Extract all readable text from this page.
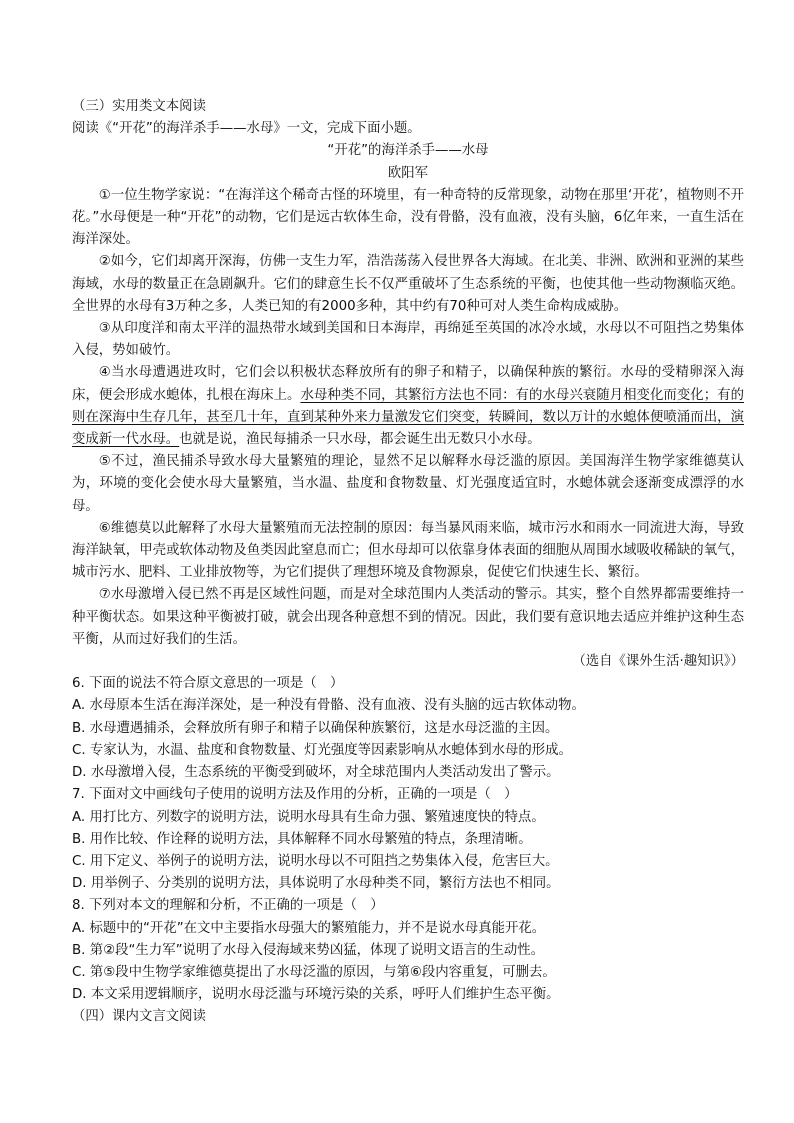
（三）实用类文本阅读

阅读《“开花”的海洋杀手——水母》一文，完成下面小题。

“开花”的海洋杀手——水母

欧阳军

①一位生物学家说：“在海洋这个稀奇古怪的环境里，有一种奇特的反常现象，动物在那里‘开花’，植物则不开花。”水母便是一种“开花”的动物，它们是远古软体生命，没有骨骼，没有血液，没有头脑，6亿年来，一直生活在海洋深处。

②如今，它们却离开深海，仿佛一支生力军，浩浩荡荡入侵世界各大海域。在北美、非洲、欧洲和亚洲的某些海域，水母的数量正在急剧飙升。它们的肆意生长不仅严重破坏了生态系统的平衡，也使其他一些动物濒临灭绝。全世界的水母有3万种之多，人类已知的有2000多种，其中约有70种可对人类生命构成威胁。

③从印度洋和南太平洋的温热带水域到美国和日本海岸，再绵延至英国的冰冷水域，水母以不可阻挡之势集体入侵，势如破竹。

④当水母遭遇进攻时，它们会以积极状态释放所有的卵子和精子，以确保种族的繁衍。水母的受精卵深入海床，便会形成水螅体，扎根在海床上。水母种类不同，其繁衍方法也不同：有的水母兴衰随月相变化而变化；有的则在深海中生存几年，甚至几十年，直到某种外来力量激发它们突变，转瞬间，数以万计的水螅体便喷涌而出，演变成新一代水母。也就是说，渔民每捕杀一只水母，都会诞生出无数只小水母。

⑤不过，渔民捕杀导致水母大量繁殖的理论，显然不足以解释水母泛滥的原因。美国海洋生物学家维德莫认为，环境的变化会使水母大量繁殖，当水温、盐度和食物数量、灯光强度适宜时，水螅体就会逐渐变成漂浮的水母。

⑥维德莫以此解释了水母大量繁殖而无法控制的原因：每当暴风雨来临，城市污水和雨水一同流进大海，导致海洋缺氧，甲壳或软体动物及鱼类因此窒息而亡；但水母却可以依靠身体表面的细胞从周围水域吸收稀缺的氧气，城市污水、肥料、工业排放物等，为它们提供了理想环境及食物源泉，促使它们快速生长、繁衍。

⑦水母激增入侵已然不再是区域性问题，而是对全球范围内人类活动的警示。其实，整个自然界都需要维持一种平衡状态。如果这种平衡被打破，就会出现各种意想不到的情况。因此，我们要有意识地去适应并维护这种生态平衡，从而过好我们的生活。

（选自《课外生活·趣知识》）

6. 下面的说法不符合原文意思的一项是（　）

A. 水母原本生活在海洋深处，是一种没有骨骼、没有血液、没有头脑的远古软体动物。

B. 水母遭遇捕杀，会释放所有卵子和精子以确保种族繁衍，这是水母泛滥的主因。

C. 专家认为，水温、盐度和食物数量、灯光强度等因素影响从水螅体到水母的形成。

D. 水母激增入侵，生态系统的平衡受到破坏，对全球范围内人类活动发出了警示。

7. 下面对文中画线句子使用的说明方法及作用的分析，正确的一项是（　）

A. 用打比方、列数字的说明方法，说明水母具有生命力强、繁殖速度快的特点。

B. 用作比较、作诠释的说明方法，具体解释不同水母繁殖的特点，条理清晰。

C. 用下定义、举例子的说明方法，说明水母以不可阻挡之势集体入侵，危害巨大。

D. 用举例子、分类别的说明方法，具体说明了水母种类不同，繁衍方法也不相同。

8. 下列对本文的理解和分析，不正确的一项是（　）

A. 标题中的“开花”在文中主要指水母强大的繁殖能力，并不是说水母真能开花。

B. 第②段“生力军”说明了水母入侵海域来势凶猛，体现了说明文语言的生动性。

C. 第⑤段中生物学家维德莫提出了水母泛滥的原因，与第⑥段内容重复，可删去。

D. 本文采用逻辑顺序，说明水母泛滥与环境污染的关系，呼吁人们维护生态平衡。

（四）课内文言文阅读
